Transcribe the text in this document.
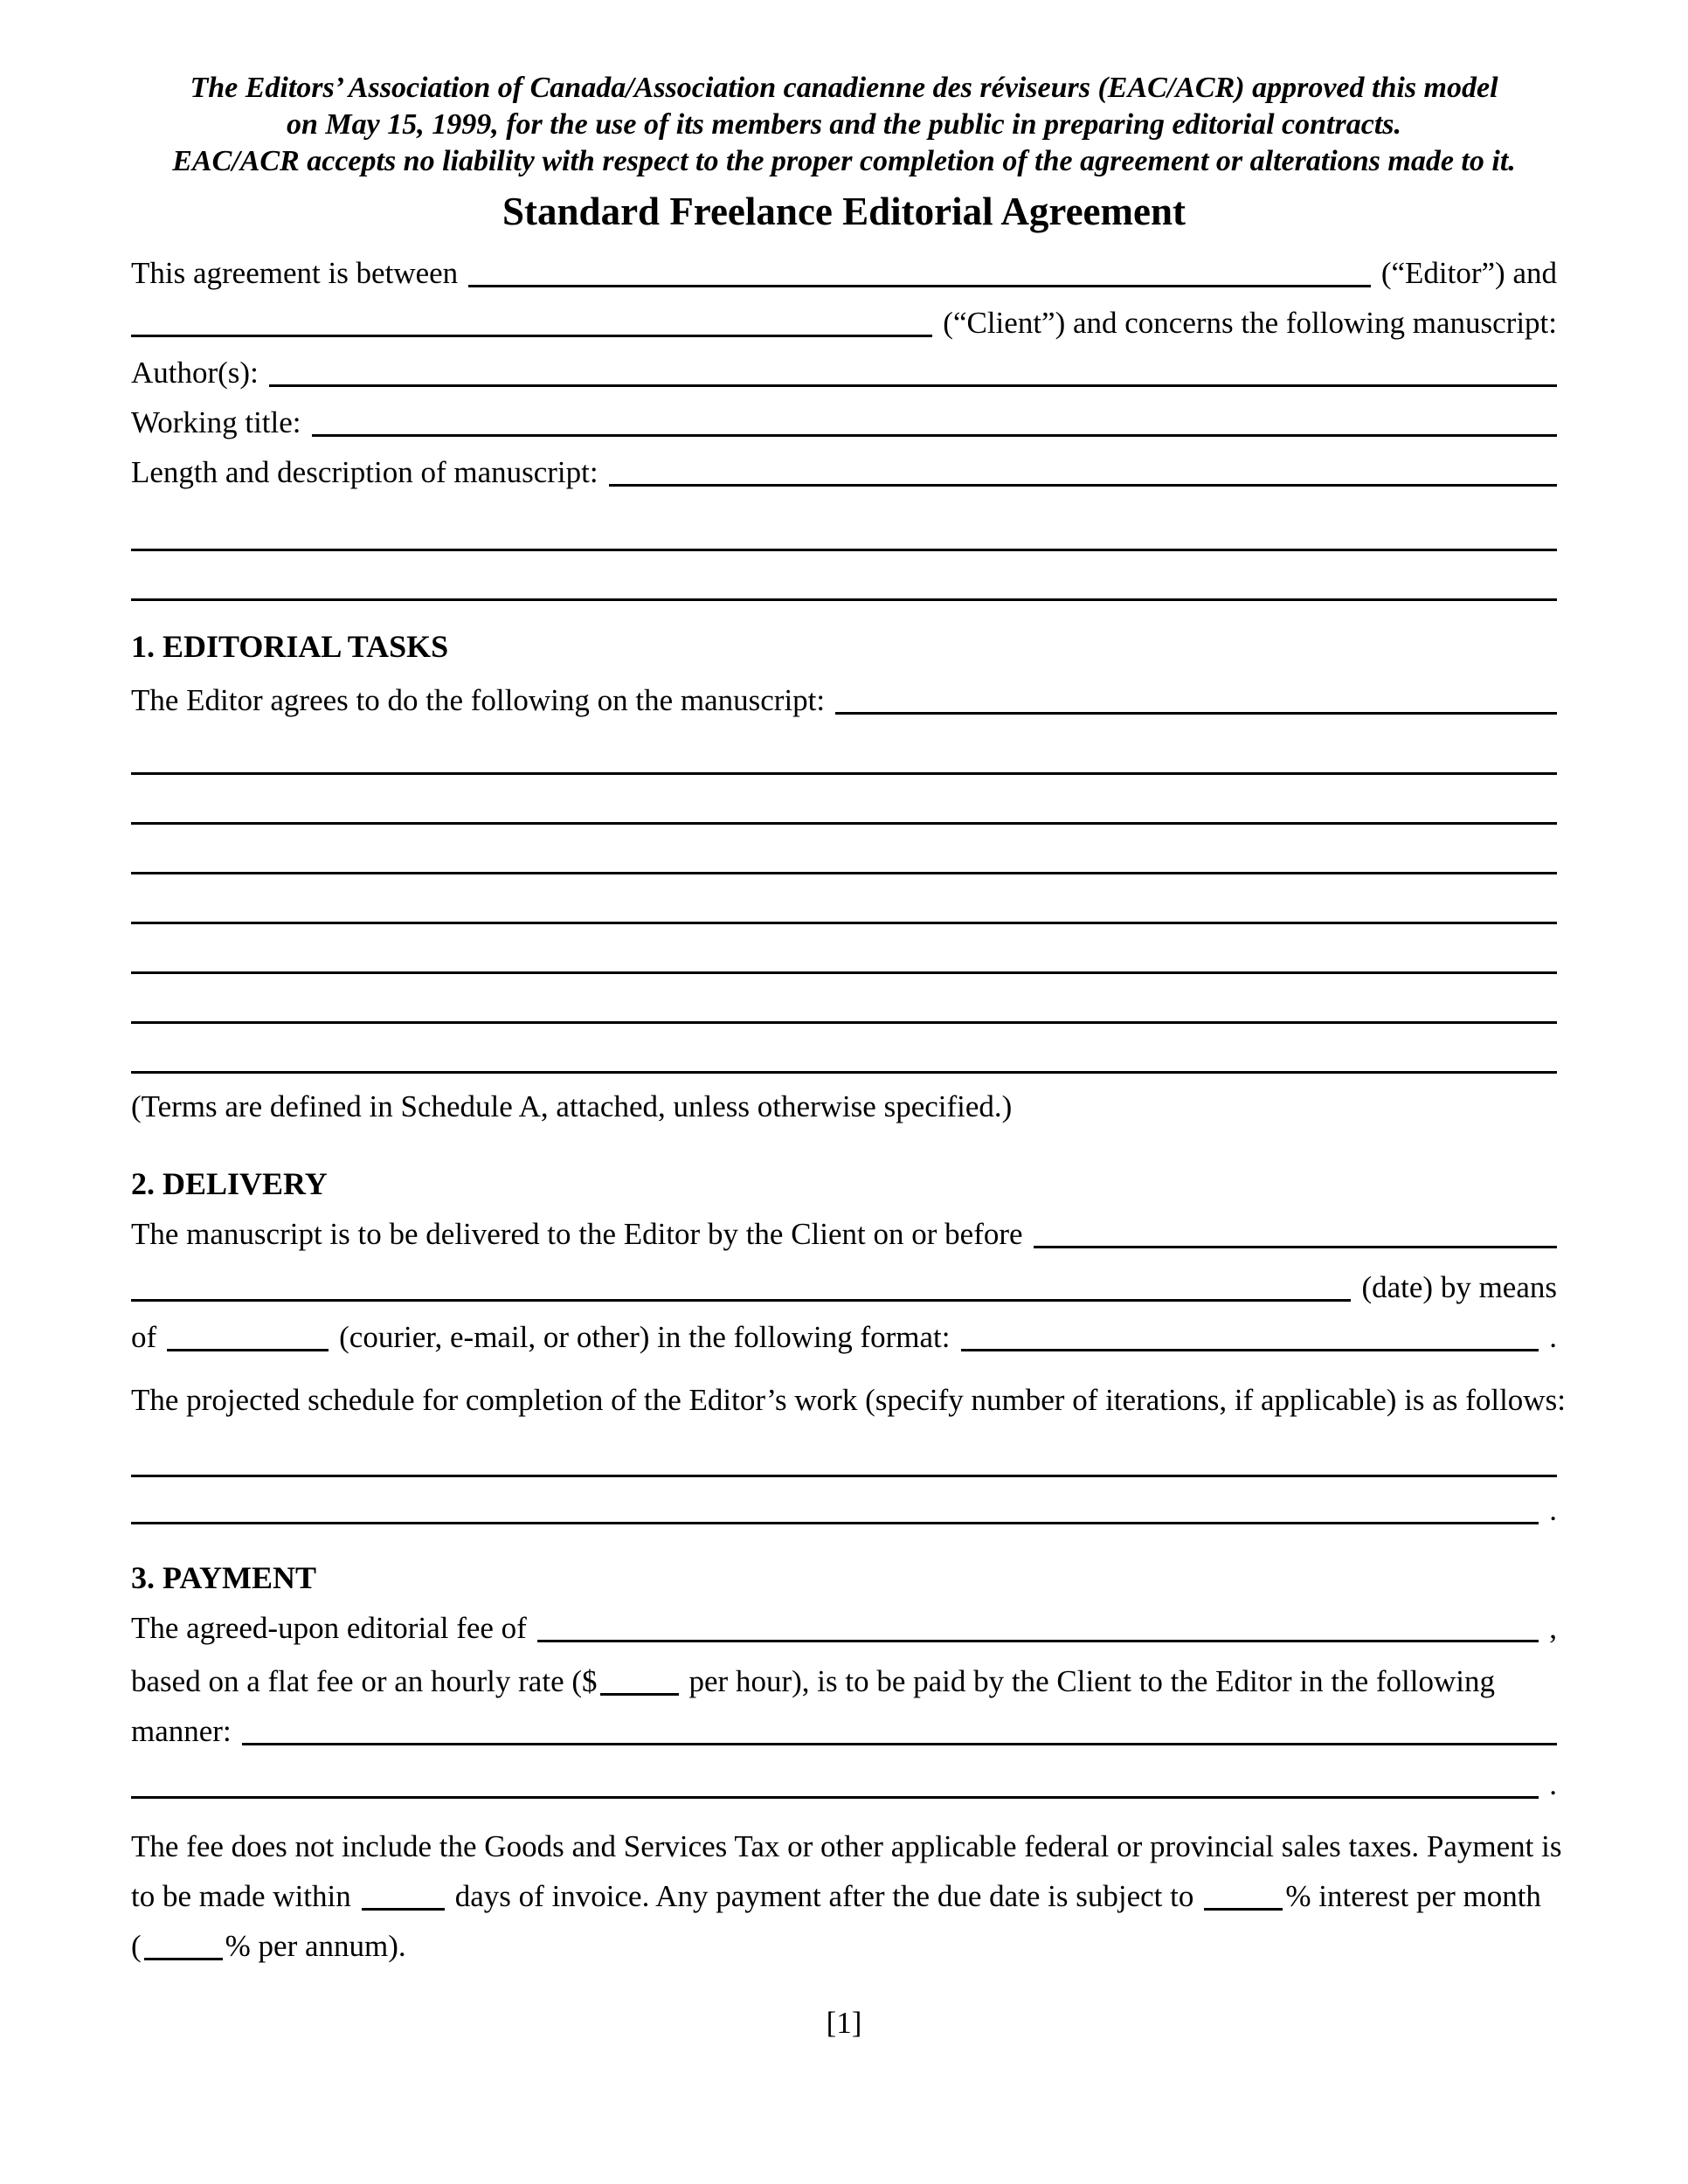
The Editors’ Association of Canada/Association canadienne des réviseurs (EAC/ACR) approved this model
on May 15, 1999, for the use of its members and the public in preparing editorial contracts.
EAC/ACR accepts no liability with respect to the proper completion of the agreement or alterations made to it.
Standard Freelance Editorial Agreement
This agreement is between	(“Editor”) and
(“Client”) and concerns the following manuscript:
Author(s):
Working title:
Length and description of manuscript:
1. EDITORIAL TASKS
The Editor agrees to do the following on the manuscript:
(Terms are defined in Schedule A, attached, unless otherwise specified.)
2. DELIVERY
The manuscript is to be delivered to the Editor by the Client on or before
(date) by means
of	(courier, e-mail, or other) in the following format:	.
The projected schedule for completion of the Editor’s work (specify number of iterations, if applicable) is as follows:
.
3. PAYMENT
The agreed-upon editorial fee of	,
based on a flat fee or an hourly rate ($	per hour), is to be paid by the Client to the Editor in the following
manner:
.
The fee does not include the Goods and Services Tax or other applicable federal or provincial sales taxes. Payment is
to be made within	days of invoice. Any payment after the due date is subject to	% interest per month
(	% per annum).
[1]
